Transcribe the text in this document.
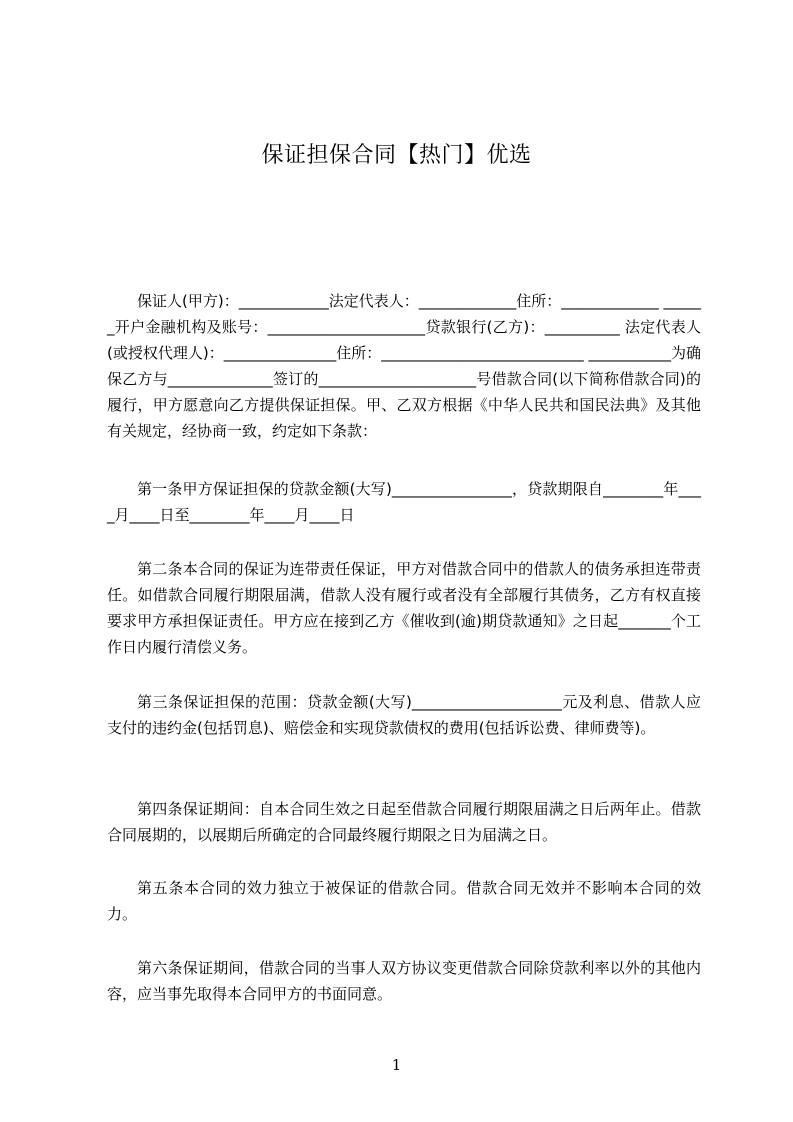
保证担保合同【热门】优选

保证人(甲方)：____________法定代表人：_____________住所：_____________ ______开户金融机构及账号：_____________________贷款银行(乙方)：__________ 法定代表人(或授权代理人)：_______________住所：___________________________ ___________为确保乙方与______________签订的_____________________号借款合同(以下简称借款合同)的履行，甲方愿意向乙方提供保证担保。甲、乙双方根据《中华人民共和国民法典》及其他有关规定，经协商一致，约定如下条款：

第一条甲方保证担保的贷款金额(大写)________________，贷款期限自________年____月____日至________年____月____日

第二条本合同的保证为连带责任保证，甲方对借款合同中的借款人的债务承担连带责任。如借款合同履行期限届满，借款人没有履行或者没有全部履行其债务，乙方有权直接要求甲方承担保证责任。甲方应在接到乙方《催收到(逾)期贷款通知》之日起_______个工作日内履行清偿义务。

第三条保证担保的范围：贷款金额(大写)____________________元及利息、借款人应支付的违约金(包括罚息)、赔偿金和实现贷款债权的费用(包括诉讼费、律师费等)。

第四条保证期间：自本合同生效之日起至借款合同履行期限届满之日后两年止。借款合同展期的，以展期后所确定的合同最终履行期限之日为届满之日。

第五条本合同的效力独立于被保证的借款合同。借款合同无效并不影响本合同的效力。

第六条保证期间，借款合同的当事人双方协议变更借款合同除贷款利率以外的其他内容，应当事先取得本合同甲方的书面同意。

1
